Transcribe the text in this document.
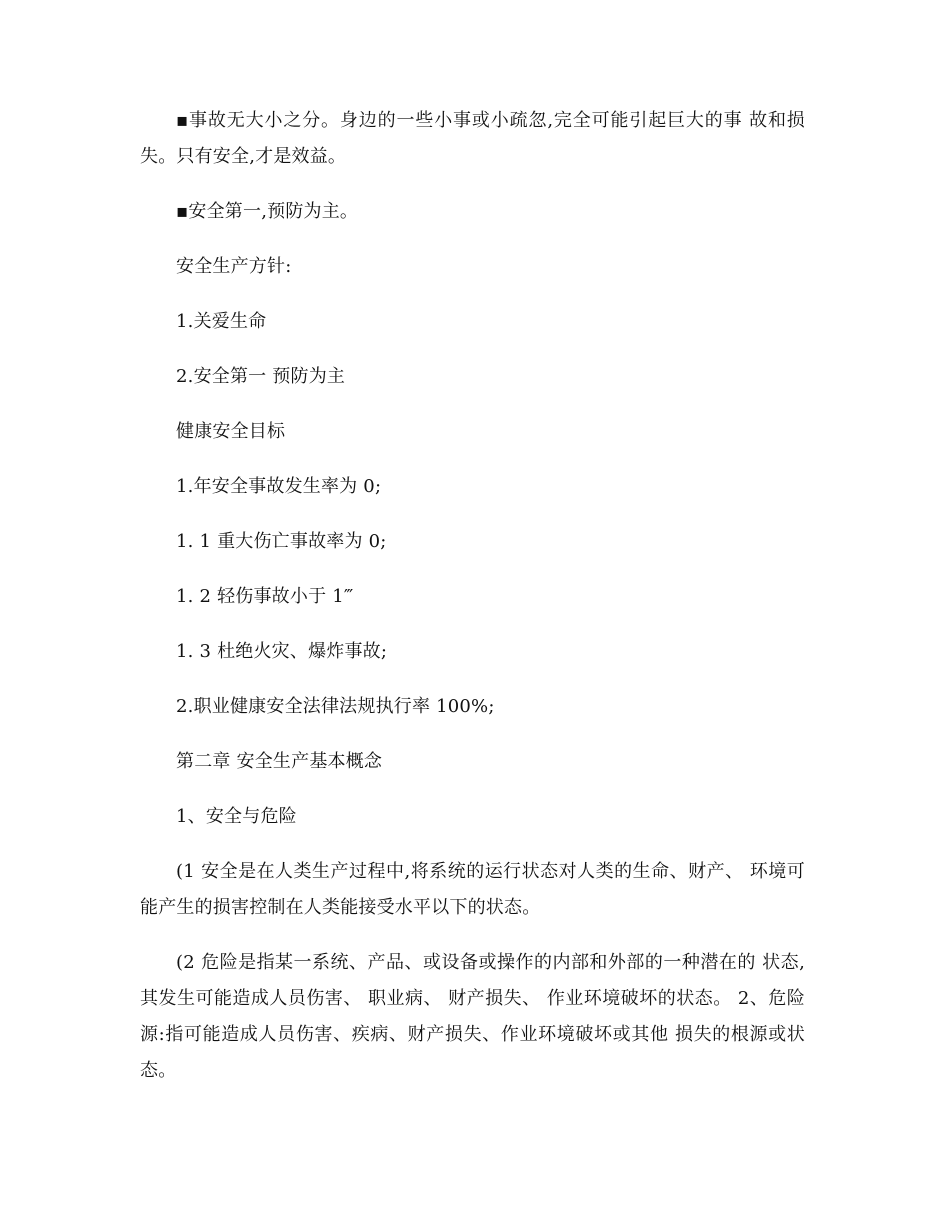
▪事故无大小之分。身边的一些小事或小疏忽,完全可能引起巨大的事 故和损失。只有安全,才是效益。

▪安全第一,预防为主。

安全生产方针:

1.关爱生命

2.安全第一 预防为主

健康安全目标

1.年安全事故发生率为 0;

1. 1 重大伤亡事故率为 0;

1. 2 轻伤事故小于 1‴

1. 3 杜绝火灾、爆炸事故;

2.职业健康安全法律法规执行率 100%;

第二章 安全生产基本概念

1、安全与危险

(1 安全是在人类生产过程中,将系统的运行状态对人类的生命、财产、 环境可能产生的损害控制在人类能接受水平以下的状态。

(2 危险是指某一系统、产品、或设备或操作的内部和外部的一种潜在的 状态,其发生可能造成人员伤害、 职业病、 财产损失、 作业环境破坏的状态。 2、危险源:指可能造成人员伤害、疾病、财产损失、作业环境破坏或其他 损失的根源或状态。
